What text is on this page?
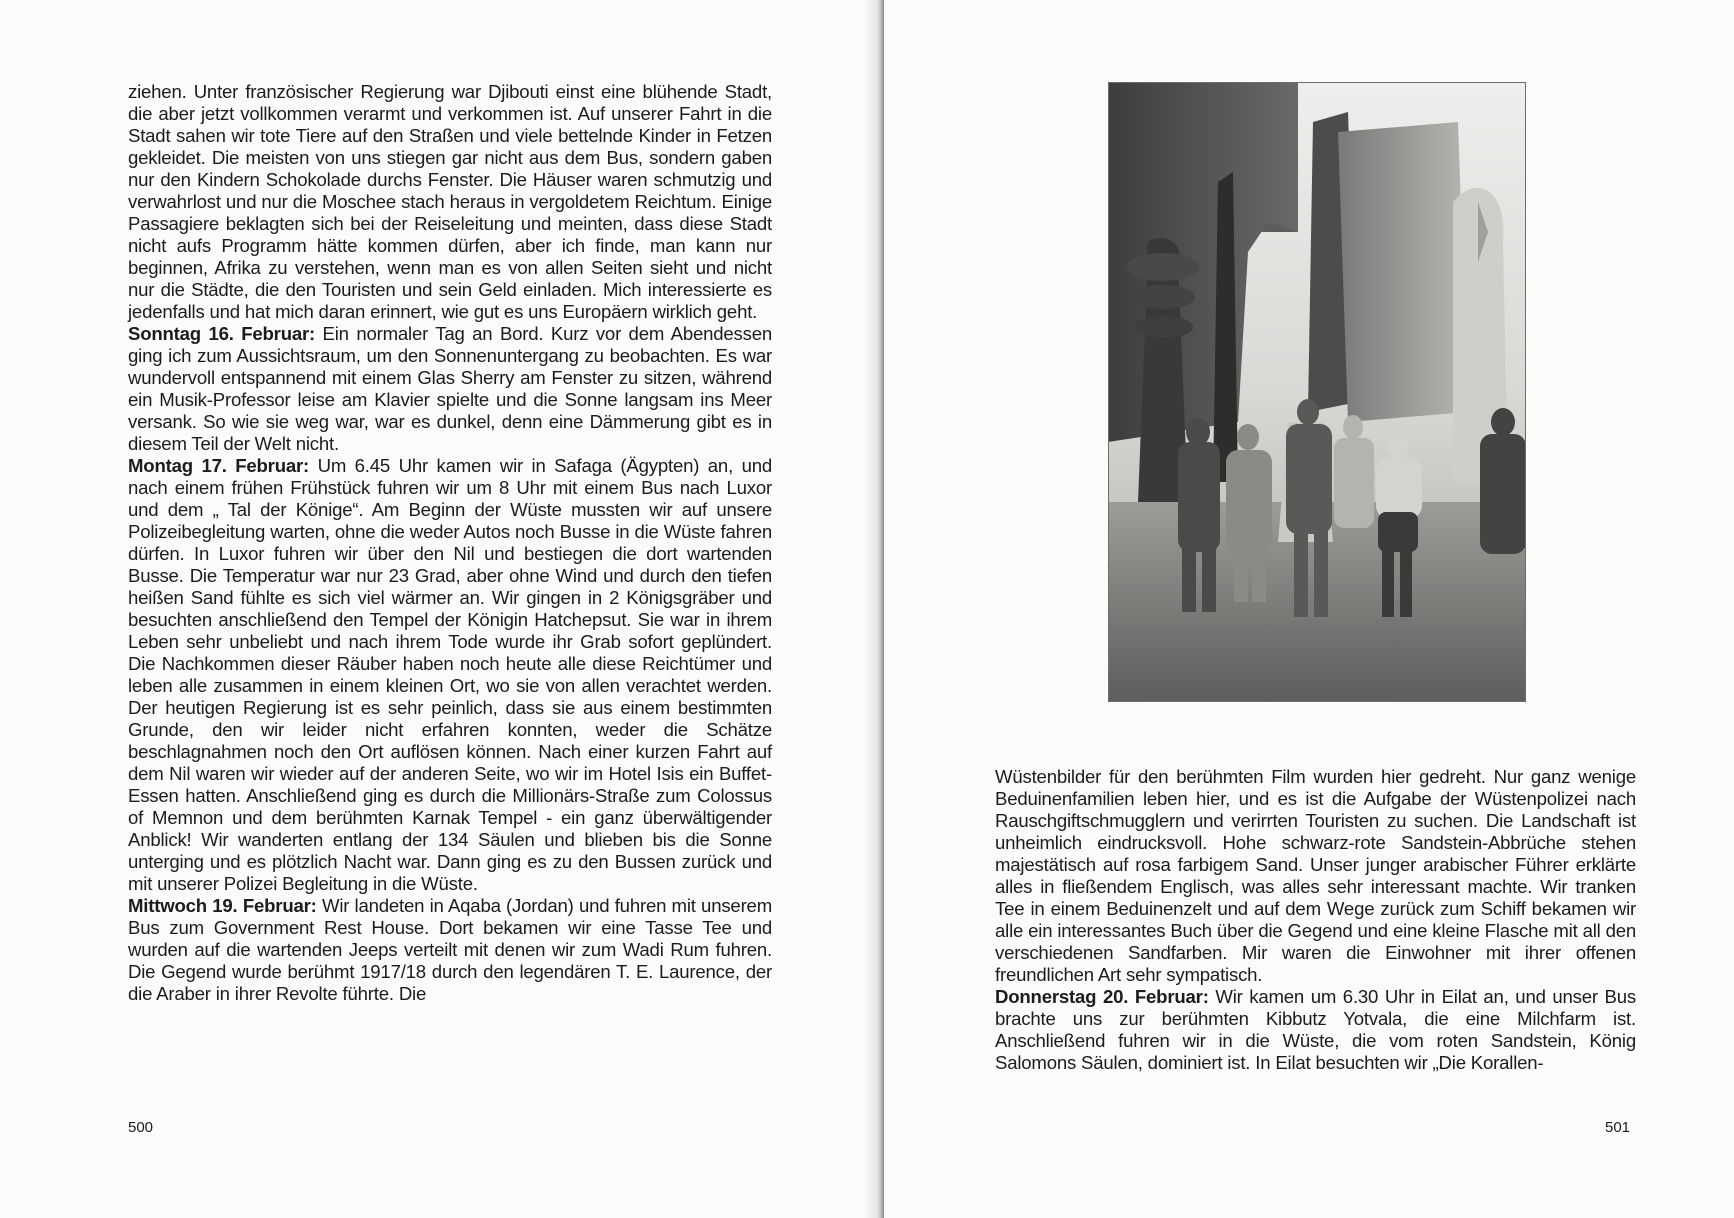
ziehen. Unter französischer Regierung war Djibouti einst eine blühende Stadt, die aber jetzt vollkommen verarmt und verkommen ist. Auf unserer Fahrt in die Stadt sahen wir tote Tiere auf den Straßen und viele bettelnde Kinder in Fetzen gekleidet. Die meisten von uns stiegen gar nicht aus dem Bus, sondern gaben nur den Kindern Schokolade durchs Fenster. Die Häuser waren schmutzig und verwahrlost und nur die Moschee stach heraus in vergoldetem Reichtum. Einige Passagiere beklagten sich bei der Reiseleitung und meinten, dass diese Stadt nicht aufs Programm hätte kommen dürfen, aber ich finde, man kann nur beginnen, Afrika zu verstehen, wenn man es von allen Seiten sieht und nicht nur die Städte, die den Touristen und sein Geld einladen. Mich interessierte es jedenfalls und hat mich daran erinnert, wie gut es uns Europäern wirklich geht.

Sonntag 16. Februar: Ein normaler Tag an Bord. Kurz vor dem Abendessen ging ich zum Aussichtsraum, um den Sonnenuntergang zu beobachten. Es war wundervoll entspannend mit einem Glas Sherry am Fenster zu sitzen, während ein Musik-Professor leise am Klavier spielte und die Sonne langsam ins Meer versank. So wie sie weg war, war es dunkel, denn eine Dämmerung gibt es in diesem Teil der Welt nicht.

Montag 17. Februar: Um 6.45 Uhr kamen wir in Safaga (Ägypten) an, und nach einem frühen Frühstück fuhren wir um 8 Uhr mit einem Bus nach Luxor und dem „ Tal der Könige“. Am Beginn der Wüste mussten wir auf unsere Polizeibegleitung warten, ohne die weder Autos noch Busse in die Wüste fahren dürfen. In Luxor fuhren wir über den Nil und bestiegen die dort wartenden Busse. Die Temperatur war nur 23 Grad, aber ohne Wind und durch den tiefen heißen Sand fühlte es sich viel wärmer an. Wir gingen in 2 Königsgräber und besuchten anschließend den Tempel der Königin Hatchepsut. Sie war in ihrem Leben sehr unbeliebt und nach ihrem Tode wurde ihr Grab sofort geplündert. Die Nachkommen dieser Räuber haben noch heute alle diese Reichtümer und leben alle zusammen in einem kleinen Ort, wo sie von allen verachtet werden. Der heutigen Regierung ist es sehr peinlich, dass sie aus einem bestimmten Grunde, den wir leider nicht erfahren konnten, weder die Schätze beschlagnahmen noch den Ort auflösen können. Nach einer kurzen Fahrt auf dem Nil waren wir wieder auf der anderen Seite, wo wir im Hotel Isis ein Buffet-Essen hatten. Anschließend ging es durch die Millionärs-Straße zum Colossus of Memnon und dem berühmten Karnak Tempel - ein ganz überwältigender Anblick! Wir wanderten entlang der 134 Säulen und blieben bis die Sonne unterging und es plötzlich Nacht war. Dann ging es zu den Bussen zurück und mit unserer Polizei Begleitung in die Wüste.

Mittwoch 19. Februar: Wir landeten in Aqaba (Jordan) und fuhren mit unserem Bus zum Government Rest House. Dort bekamen wir eine Tasse Tee und wurden auf die wartenden Jeeps verteilt mit denen wir zum Wadi Rum fuhren. Die Gegend wurde berühmt 1917/18 durch den legendären T. E. Laurence, der die Araber in ihrer Revolte führte. Die

500

Wüstenbilder für den berühmten Film wurden hier gedreht. Nur ganz wenige Beduinenfamilien leben hier, und es ist die Aufgabe der Wüstenpolizei nach Rauschgiftschmugglern und verirrten Touristen zu suchen. Die Landschaft ist unheimlich eindrucksvoll. Hohe schwarz-rote Sandstein-Abbrüche stehen majestätisch auf rosa farbigem Sand. Unser junger arabischer Führer erklärte alles in fließendem Englisch, was alles sehr interessant machte. Wir tranken Tee in einem Beduinenzelt und auf dem Wege zurück zum Schiff bekamen wir alle ein interessantes Buch über die Gegend und eine kleine Flasche mit all den verschiedenen Sandfarben. Mir waren die Einwohner mit ihrer offenen freundlichen Art sehr sympatisch.

Donnerstag 20. Februar: Wir kamen um 6.30 Uhr in Eilat an, und unser Bus brachte uns zur berühmten Kibbutz Yotvala, die eine Milchfarm ist. Anschließend fuhren wir in die Wüste, die vom roten Sandstein, König Salomons Säulen, dominiert ist. In Eilat besuchten wir „Die Korallen-

501
